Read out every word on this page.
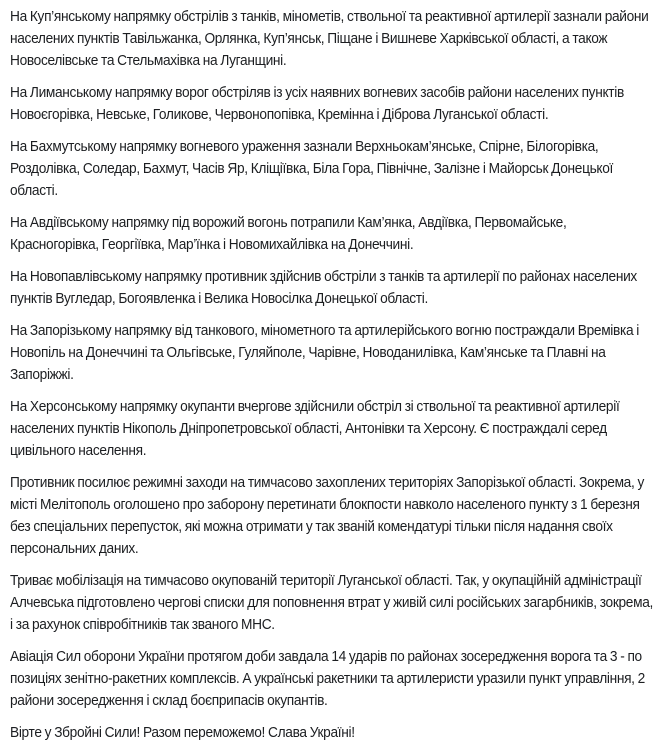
На Куп’янському напрямку обстрілів з танків, мінометів, ствольної та реактивної артилерії зазнали райони населених пунктів Тавільжанка, Орлянка, Куп’янськ, Піщане і Вишневе Харківської області, а також Новоселівське та Стельмахівка на Луганщині.

На Лиманському напрямку ворог обстріляв із усіх наявних вогневих засобів райони населених пунктів Новоєгорівка, Невське, Голикове, Червонопопівка, Кремінна і Діброва Луганської області.

На Бахмутському напрямку вогневого ураження зазнали Верхньокам’янське, Спірне, Білогорівка, Роздолівка, Соледар, Бахмут, Часів Яр, Кліщіївка, Біла Гора, Північне, Залізне і Майорськ Донецької області.

На Авдіївському напрямку під ворожий вогонь потрапили Кам’янка, Авдіївка, Первомайське, Красногорівка, Георгіївка, Мар’їнка і Новомихайлівка на Донеччині.

На Новопавлівському напрямку противник здійснив обстріли з танків та артилерії по районах населених пунктів Вугледар, Богоявленка і Велика Новосілка Донецької області.

На Запорізькому напрямку від танкового, мінометного та артилерійського вогню постраждали Времівка і Новопіль на Донеччині та Ольгівське, Гуляйполе, Чарівне, Новоданилівка, Кам’янське та Плавні на Запоріжжі.

На Херсонському напрямку окупанти вчергове здійснили обстріл зі ствольної та реактивної артилерії населених пунктів Нікополь Дніпропетровської області, Антонівки та Херсону. Є постраждалі серед цивільного населення.

Противник посилює режимні заходи на тимчасово захоплених територіях Запорізької області. Зокрема, у місті Мелітополь оголошено про заборону перетинати блокпости навколо населеного пункту з 1 березня без спеціальних перепусток, які можна отримати у так званій комендатурі тільки після надання своїх персональних даних.

Триває мобілізація на тимчасово окупованій території Луганської області. Так, у окупаційній адміністрації Алчевська підготовлено чергові списки для поповнення втрат у живій силі російських загарбників, зокрема, і за рахунок співробітників так званого МНС.

Авіація Сил оборони України протягом доби завдала 14 ударів по районах зосередження ворога та 3 - по позиціях зенітно-ракетних комплексів. А українські ракетники та артилеристи уразили пункт управління, 2 райони зосередження і склад боєприпасів окупантів.

Вірте у Збройні Сили! Разом переможемо! Слава Україні!
